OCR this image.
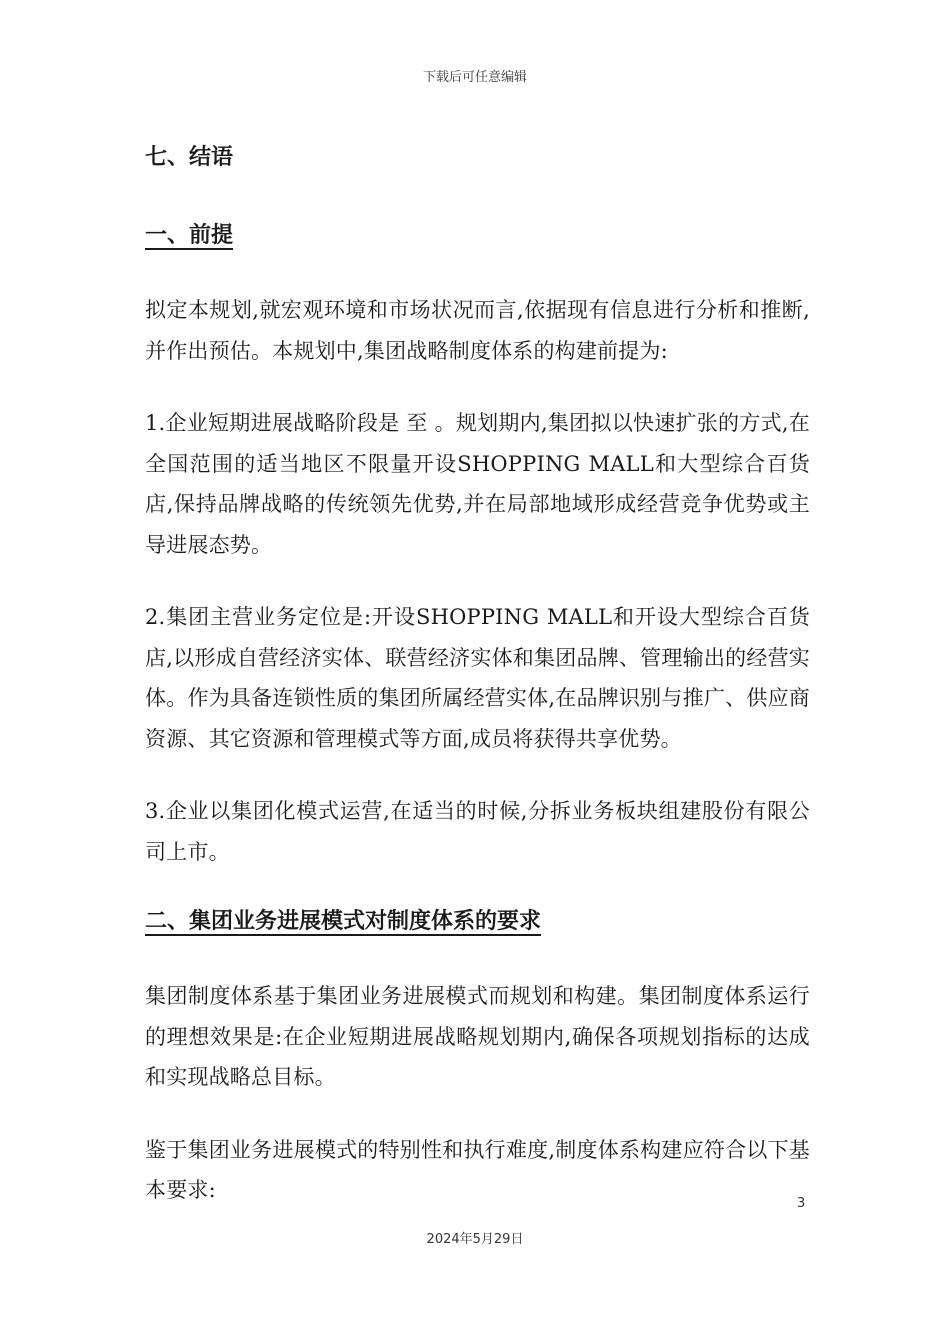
下载后可任意编辑
七、结语
一、前提

拟定本规划,就宏观环境和市场状况而言,依据现有信息进行分析和推断,并作出预估。本规划中,集团战略制度体系的构建前提为:

1.企业短期进展战略阶段是 至 。规划期内,集团拟以快速扩张的方式,在全国范围的适当地区不限量开设SHOPPING MALL和大型综合百货店,保持品牌战略的传统领先优势,并在局部地域形成经营竞争优势或主导进展态势。

2.集团主营业务定位是:开设SHOPPING MALL和开设大型综合百货店,以形成自营经济实体、联营经济实体和集团品牌、管理输出的经营实体。作为具备连锁性质的集团所属经营实体,在品牌识别与推广、供应商资源、其它资源和管理模式等方面,成员将获得共享优势。

3.企业以集团化模式运营,在适当的时候,分拆业务板块组建股份有限公司上市。

二、集团业务进展模式对制度体系的要求

集团制度体系基于集团业务进展模式而规划和构建。集团制度体系运行的理想效果是:在企业短期进展战略规划期内,确保各项规划指标的达成和实现战略总目标。

鉴于集团业务进展模式的特别性和执行难度,制度体系构建应符合以下基本要求:

3
2024年5月29日
